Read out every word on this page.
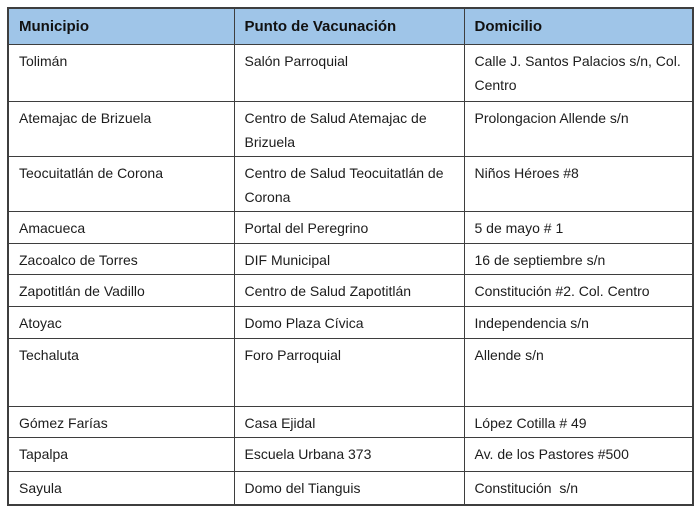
Municipio	Punto de Vacunación	Domicilio
Tolimán	Salón Parroquial	Calle J. Santos Palacios s/n, Col. Centro
Atemajac de Brizuela	Centro de Salud Atemajac de Brizuela	Prolongacion Allende s/n
Teocuitatlán de Corona	Centro de Salud Teocuitatlán de Corona	Niños Héroes #8
Amacueca	Portal del Peregrino	5 de mayo # 1
Zacoalco de Torres	DIF Municipal	16 de septiembre s/n
Zapotitlán de Vadillo	Centro de Salud Zapotitlán	Constitución #2. Col. Centro
Atoyac	Domo Plaza Cívica	Independencia s/n
Techaluta	Foro Parroquial	Allende s/n
Gómez Farías	Casa Ejidal	López Cotilla # 49
Tapalpa	Escuela Urbana 373	Av. de los Pastores #500
Sayula	Domo del Tianguis	Constitución  s/n
